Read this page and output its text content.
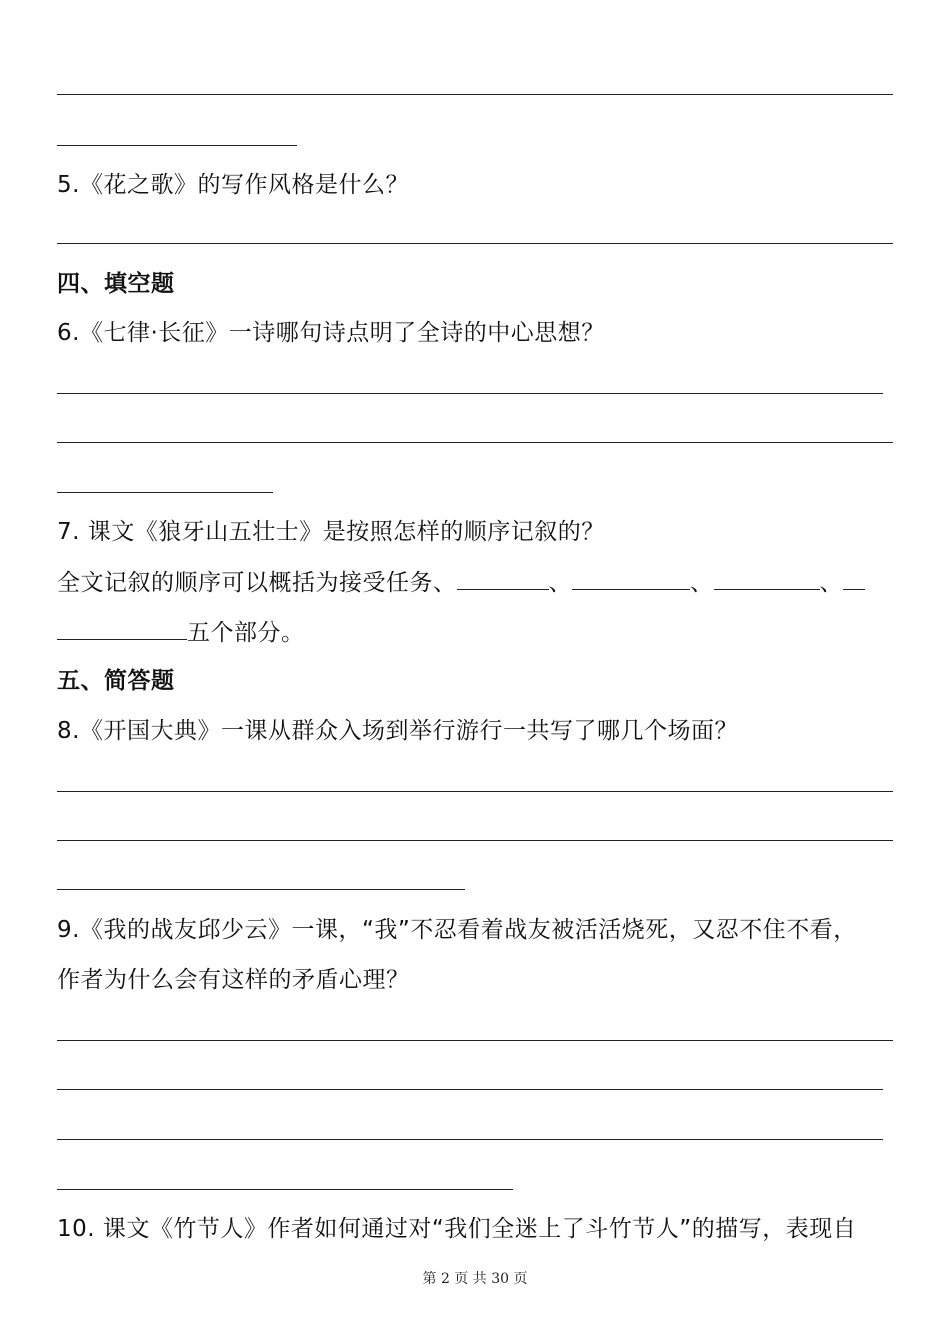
5.《花之歌》的写作风格是什么？
四、填空题
6.《七律·长征》一诗哪句诗点明了全诗的中心思想？
7. 课文《狼牙山五壮士》是按照怎样的顺序记叙的？
全文记叙的顺序可以概括为接受任务、	、	、	、
五个部分。
五、简答题
8.《开国大典》一课从群众入场到举行游行一共写了哪几个场面？
9.《我的战友邱少云》一课，“我”不忍看着战友被活活烧死，又忍不住不看，
作者为什么会有这样的矛盾心理？
10. 课文《竹节人》作者如何通过对“我们全迷上了斗竹节人”的描写，表现自
第 2 页 共 30 页
